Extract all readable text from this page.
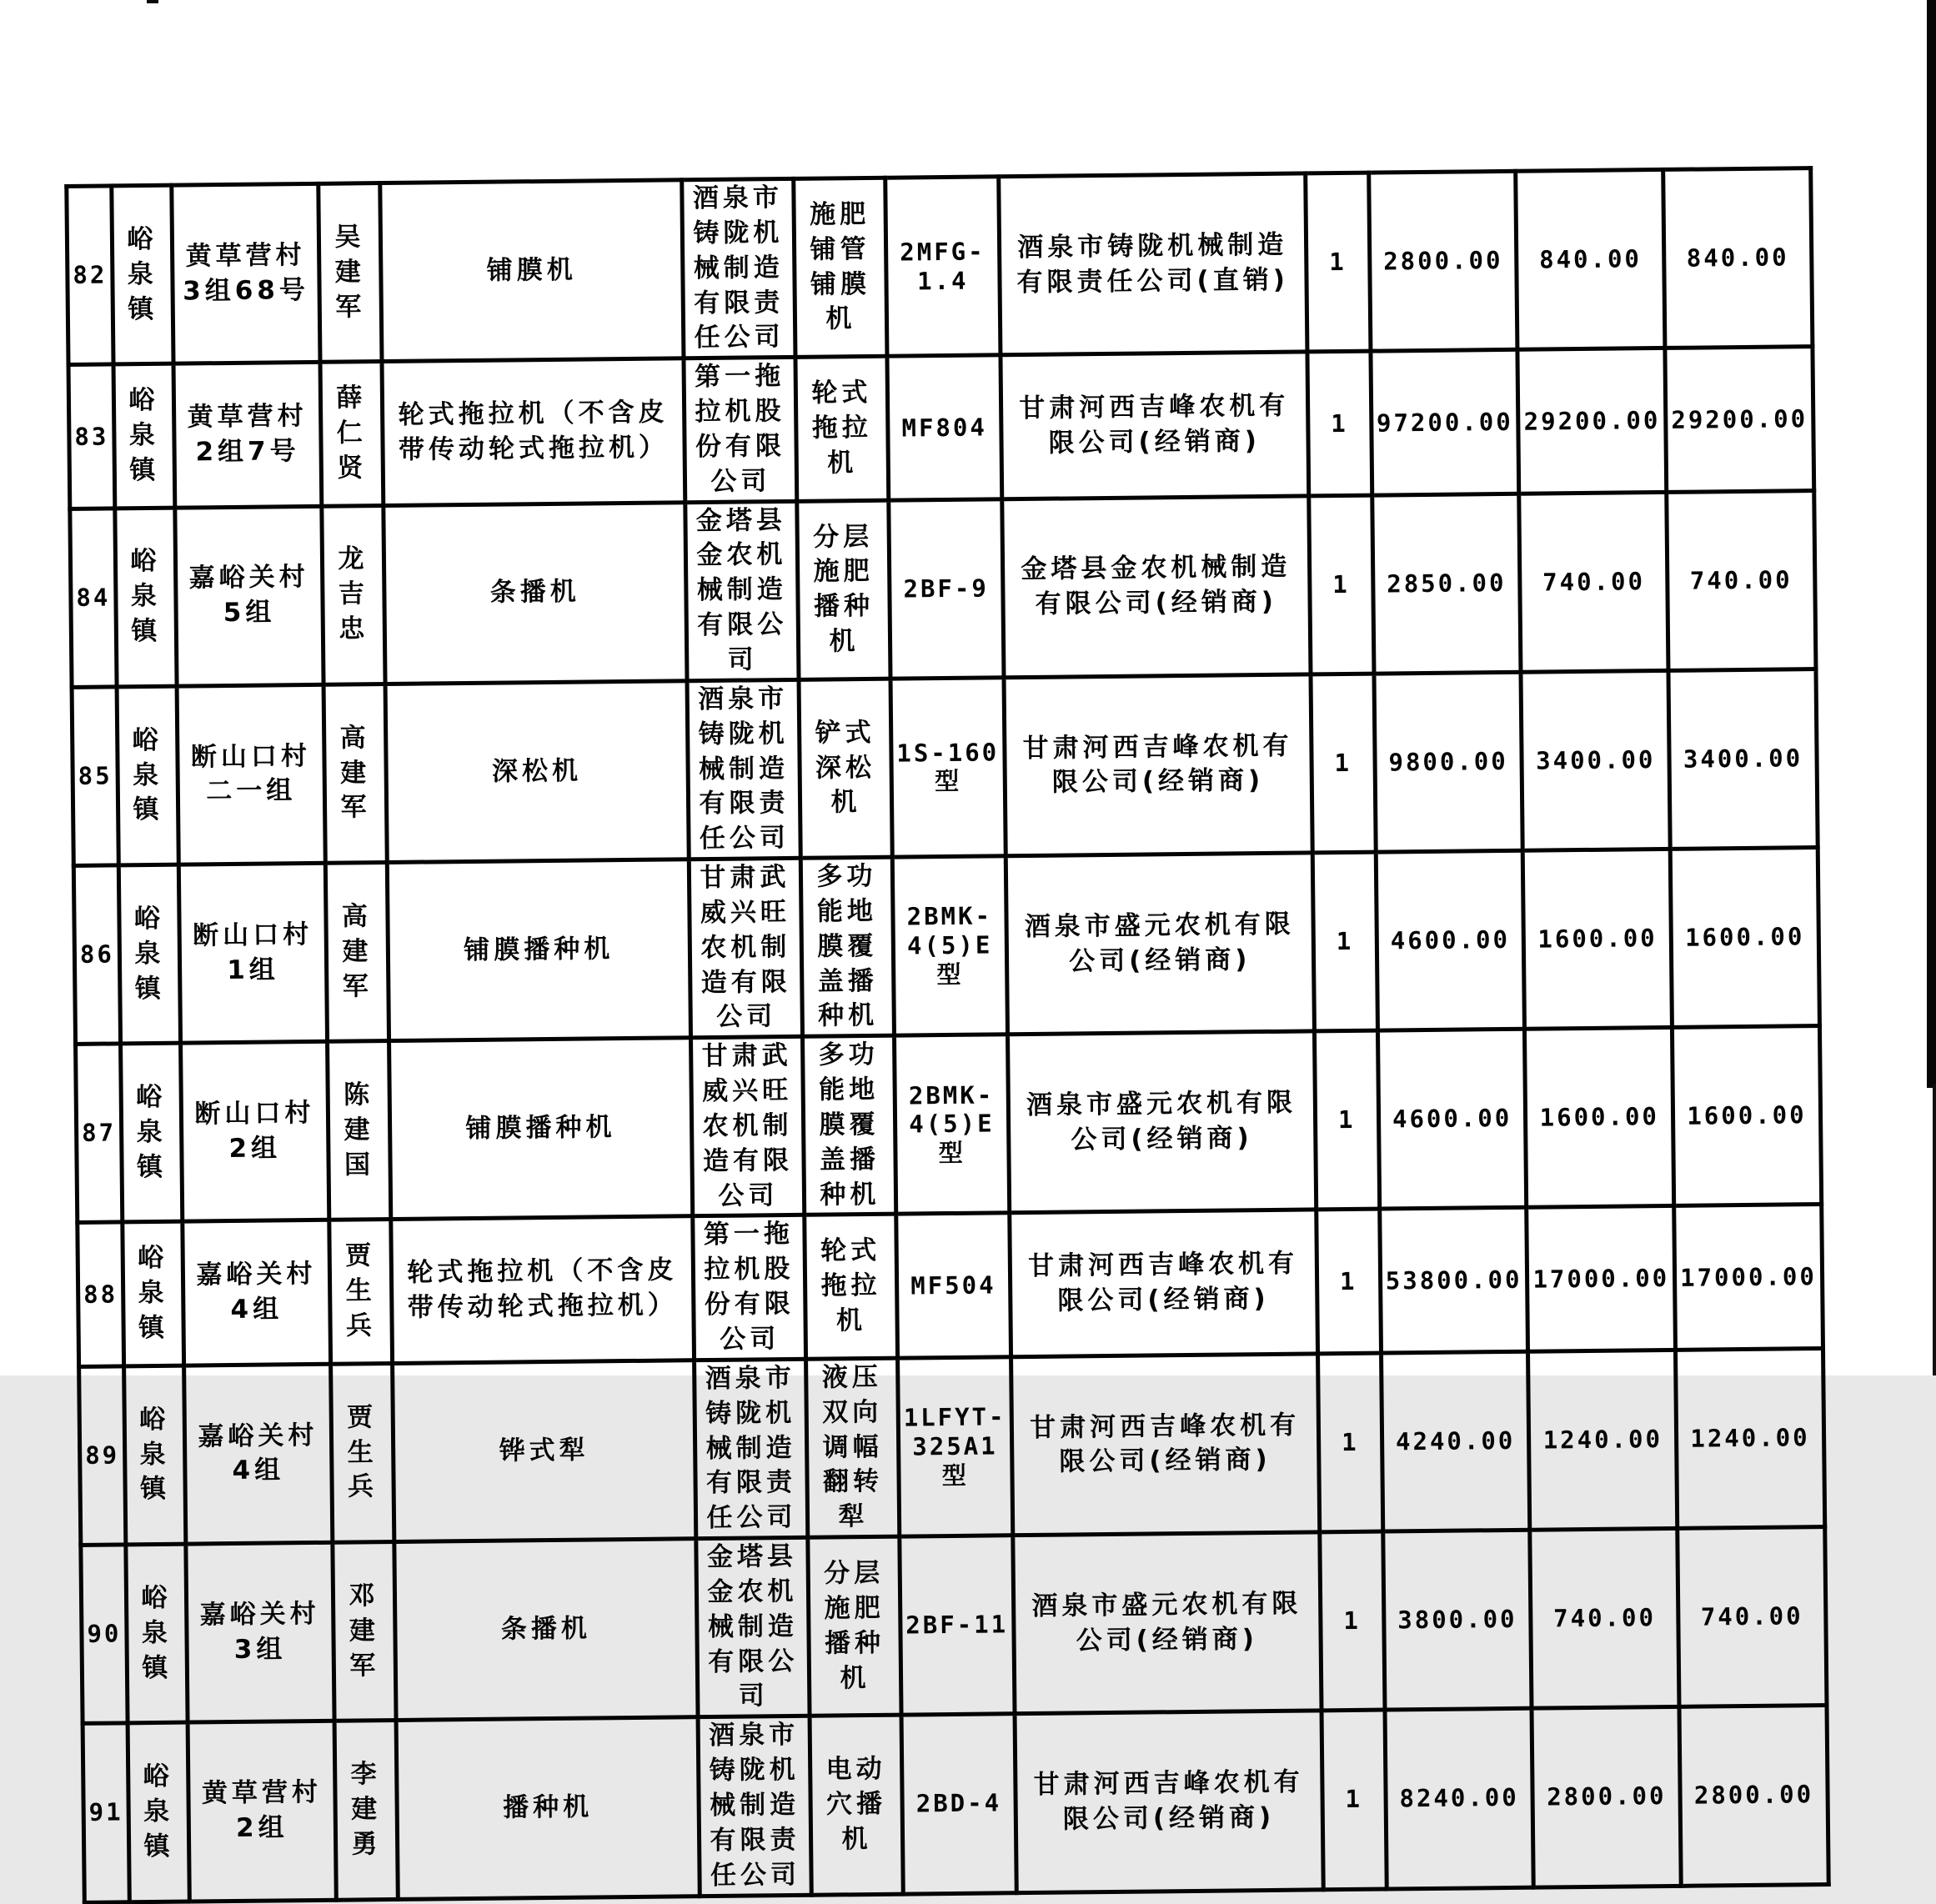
82	峪泉镇	黄草营村3组68号	吴建军	铺膜机	酒泉市铸陇机械制造有限责任公司	施肥铺管铺膜机	2MFG-1.4	酒泉市铸陇机械制造有限责任公司(直销)	1	2800.00	840.00	840.00
83	峪泉镇	黄草营村2组7号	薛仁贤	轮式拖拉机（不含皮带传动轮式拖拉机）	第一拖拉机股份有限公司	轮式拖拉机	MF804	甘肃河西吉峰农机有限公司(经销商)	1	97200.00	29200.00	29200.00
84	峪泉镇	嘉峪关村5组	龙吉忠	条播机	金塔县金农机械制造有限公司	分层施肥播种机	2BF-9	金塔县金农机械制造有限公司(经销商)	1	2850.00	740.00	740.00
85	峪泉镇	断山口村二一组	高建军	深松机	酒泉市铸陇机械制造有限责任公司	铲式深松机	1S-160型	甘肃河西吉峰农机有限公司(经销商)	1	9800.00	3400.00	3400.00
86	峪泉镇	断山口村1组	高建军	铺膜播种机	甘肃武威兴旺农机制造有限公司	多功能地膜覆盖播种机	2BMK-4(5)E型	酒泉市盛元农机有限公司(经销商)	1	4600.00	1600.00	1600.00
87	峪泉镇	断山口村2组	陈建国	铺膜播种机	甘肃武威兴旺农机制造有限公司	多功能地膜覆盖播种机	2BMK-4(5)E型	酒泉市盛元农机有限公司(经销商)	1	4600.00	1600.00	1600.00
88	峪泉镇	嘉峪关村4组	贾生兵	轮式拖拉机（不含皮带传动轮式拖拉机）	第一拖拉机股份有限公司	轮式拖拉机	MF504	甘肃河西吉峰农机有限公司(经销商)	1	53800.00	17000.00	17000.00
89	峪泉镇	嘉峪关村4组	贾生兵	铧式犁	酒泉市铸陇机械制造有限责任公司	液压双向调幅翻转犁	1LFYT-325A1型	甘肃河西吉峰农机有限公司(经销商)	1	4240.00	1240.00	1240.00
90	峪泉镇	嘉峪关村3组	邓建军	条播机	金塔县金农机械制造有限公司	分层施肥播种机	2BF-11	酒泉市盛元农机有限公司(经销商)	1	3800.00	740.00	740.00
91	峪泉镇	黄草营村2组	李建勇	播种机	酒泉市铸陇机械制造有限责任公司	电动穴播机	2BD-4	甘肃河西吉峰农机有限公司(经销商)	1	8240.00	2800.00	2800.00
